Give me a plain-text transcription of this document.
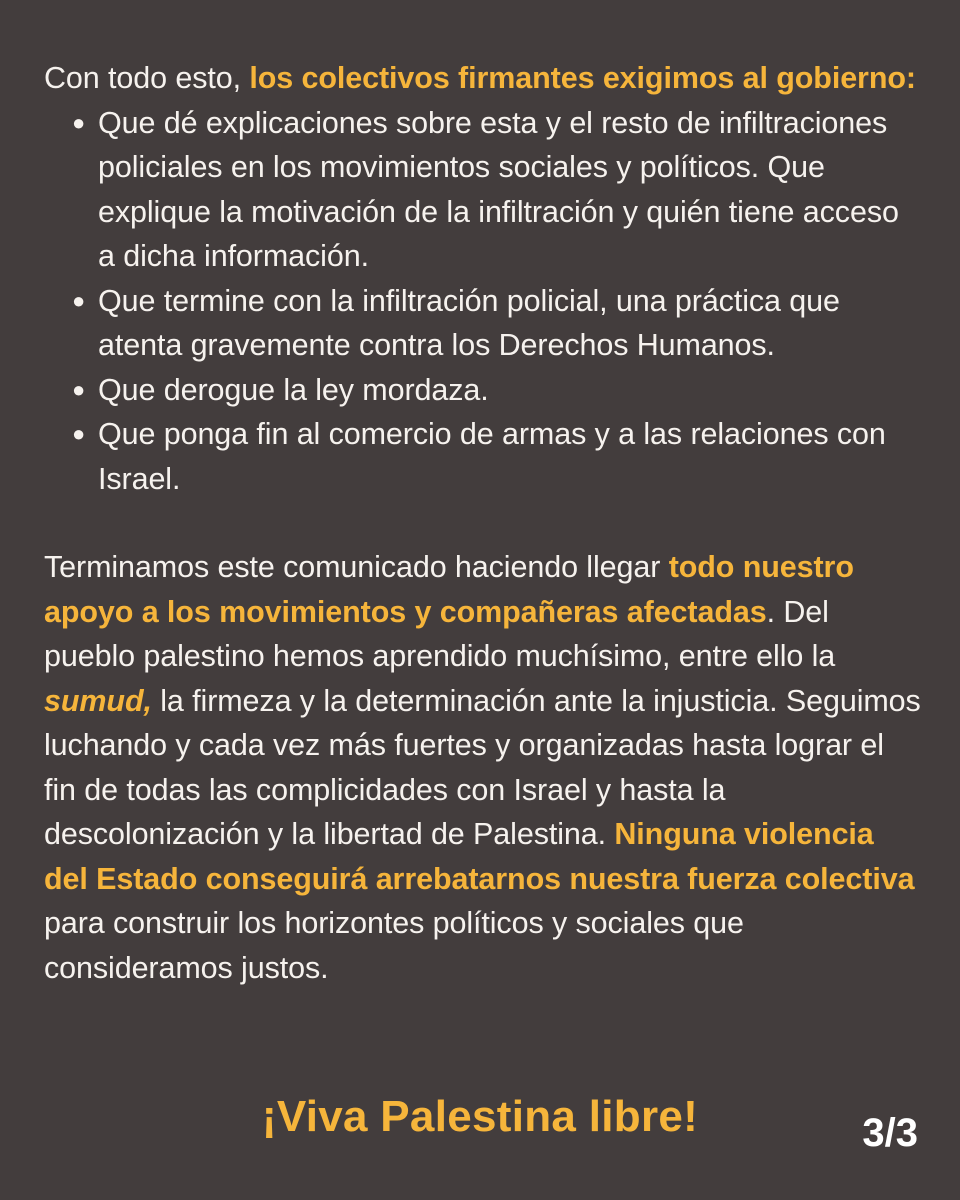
Con todo esto, los colectivos firmantes exigimos al gobierno:

● Que dé explicaciones sobre esta y el resto de infiltraciones policiales en los movimientos sociales y políticos. Que explique la motivación de la infiltración y quién tiene acceso a dicha información.
● Que termine con la infiltración policial, una práctica que atenta gravemente contra los Derechos Humanos.
● Que derogue la ley mordaza.
● Que ponga fin al comercio de armas y a las relaciones con Israel.

Terminamos este comunicado haciendo llegar todo nuestro apoyo a los movimientos y compañeras afectadas. Del pueblo palestino hemos aprendido muchísimo, entre ello la sumud, la firmeza y la determinación ante la injusticia. Seguimos luchando y cada vez más fuertes y organizadas hasta lograr el fin de todas las complicidades con Israel y hasta la descolonización y la libertad de Palestina. Ninguna violencia del Estado conseguirá arrebatarnos nuestra fuerza colectiva para construir los horizontes políticos y sociales que consideramos justos.

¡Viva Palestina libre!	3/3
